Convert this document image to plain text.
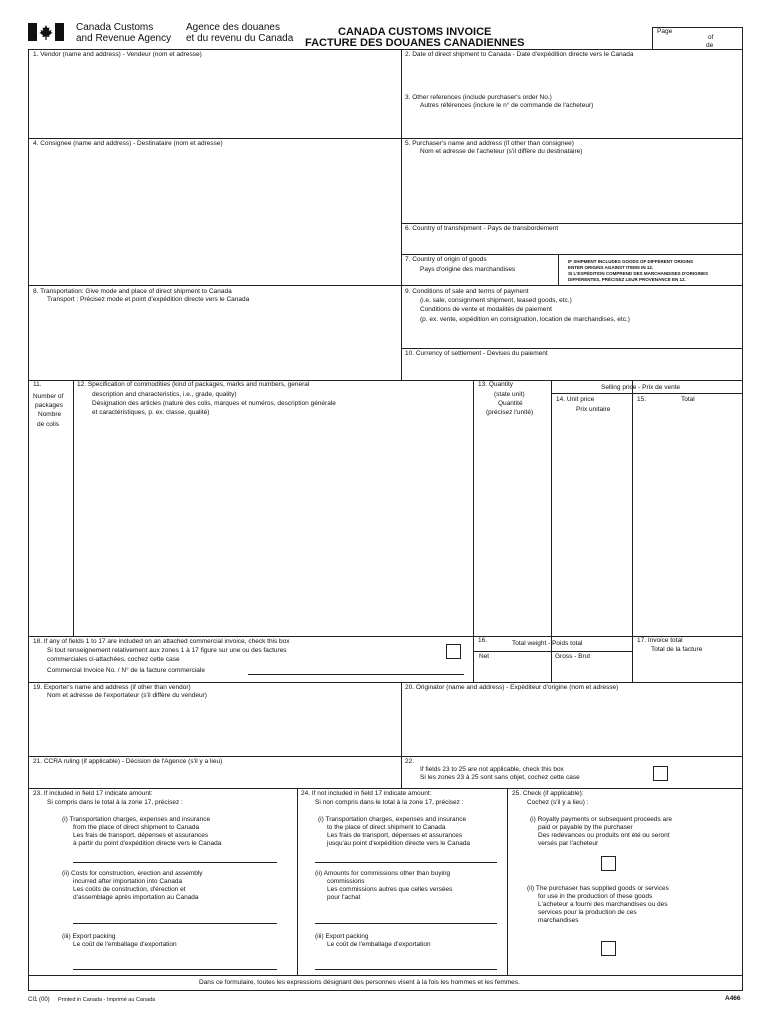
Canada Customs
and Revenue Agency
Agence des douanes
et du revenu du Canada
CANADA CUSTOMS INVOICE
FACTURE DES DOUANES CANADIENNES
Page
of
de
1. Vendor (name and address) - Vendeur (nom et adresse)	2. Date of direct shipment to Canada - Date d'expédition directe vers le Canada
3. Other references (include purchaser's order No.)
Autres références (inclure le n° de commande de l'acheteur)
4. Consignee (name and address) - Destinataire (nom et adresse)	5. Purchaser's name and address (if other than consignee)
Nom et adresse de l'acheteur (s'il diffère du destinataire)
6. Country of transhipment - Pays de transbordement
7. Country of origin of goods
Pays d'origine des marchandises
IF SHIPMENT INCLUDES GOODS OF DIFFERENT ORIGINS
ENTER ORIGINS AGAINST ITEMS IN 12.
SI L'EXPÉDITION COMPREND DES MARCHANDISES D'ORIGINES
DIFFÉRENTES, PRÉCISEZ LEUR PROVENANCE EN 12.
8. Transportation: Give mode and place of direct shipment to Canada
Transport : Précisez mode et point d'expédition directe vers le Canada
9. Conditions of sale and terms of payment
(i.e. sale, consignment shipment, leased goods, etc.)
Conditions de vente et modalités de paiement
(p. ex. vente, expédition en consignation, location de marchandises, etc.)
10. Currency of settlement - Devises du paiement
11.
Number of
packages
Nombre
de colis
12. Specification of commodities (kind of packages, marks and numbers, general
description and characteristics, i.e., grade, quality)
Désignation des articles (nature des colis, marques et numéros, description générale
et caractéristiques, p. ex. classe, qualité)
13. Quantity
(state unit)
Quantité
(précisez l'unité)
Selling price - Prix de vente
14. Unit price
Prix unitaire
15.	Total
18. If any of fields 1 to 17 are included on an attached commercial invoice, check this box
Si tout renseignement relativement aux zones 1 à 17 figure sur une ou des factures
commerciales ci-attachées, cochez cette case
Commercial Invoice No. / N° de la facture commerciale
16.	Total weight - Poids total
Net	Gross - Brut
17. Invoice total
Total de la facture
19. Exporter's name and address (if other than vendor)
Nom et adresse de l'exportateur (s'il diffère du vendeur)
20. Originator (name and address) - Expéditeur d'origine (nom et adresse)
21. CCRA ruling (if applicable) - Décision de l'Agence (s'il y a lieu)	22.
If fields 23 to 25 are not applicable, check this box
Si les zones 23 à 25 sont sans objet, cochez cette case
23. If included in field 17 indicate amount:
Si compris dans le total à la zone 17, précisez :
(i) Transportation charges, expenses and insurance
from the place of direct shipment to Canada
Les frais de transport, dépenses et assurances
à partir du point d'expédition directe vers le Canada
(ii) Costs for construction, erection and assembly
incurred after importation into Canada
Les coûts de construction, d'érection et
d'assemblage après importation au Canada
(iii) Export packing
Le coût de l'emballage d'exportation
24. If not included in field 17 indicate amount:
Si non compris dans le total à la zone 17, précisez :
(i) Transportation charges, expenses and insurance
to the place of direct shipment to Canada
Les frais de transport, dépenses et assurances
jusqu'au point d'expédition directe vers le Canada
(ii) Amounts for commissions other than buying
commissions
Les commissions autres que celles versées
pour l'achat
(iii) Export packing
Le coût de l'emballage d'exportation
25. Check (if applicable):
Cochez (s'il y a lieu) :
(i) Royalty payments or subsequent proceeds are
paid or payable by the purchaser
Des redevances ou produits ont été ou seront
versés par l'acheteur
(ii) The purchaser has supplied goods or services
for use in the production of these goods
L'acheteur a fourni des marchandises ou des
services pour la production de ces
marchandises
Dans ce formulaire, toutes les expressions désignant des personnes visent à la fois les hommes et les femmes.
CI1 (00) Printed in Canada - Imprimé au Canada	A466
